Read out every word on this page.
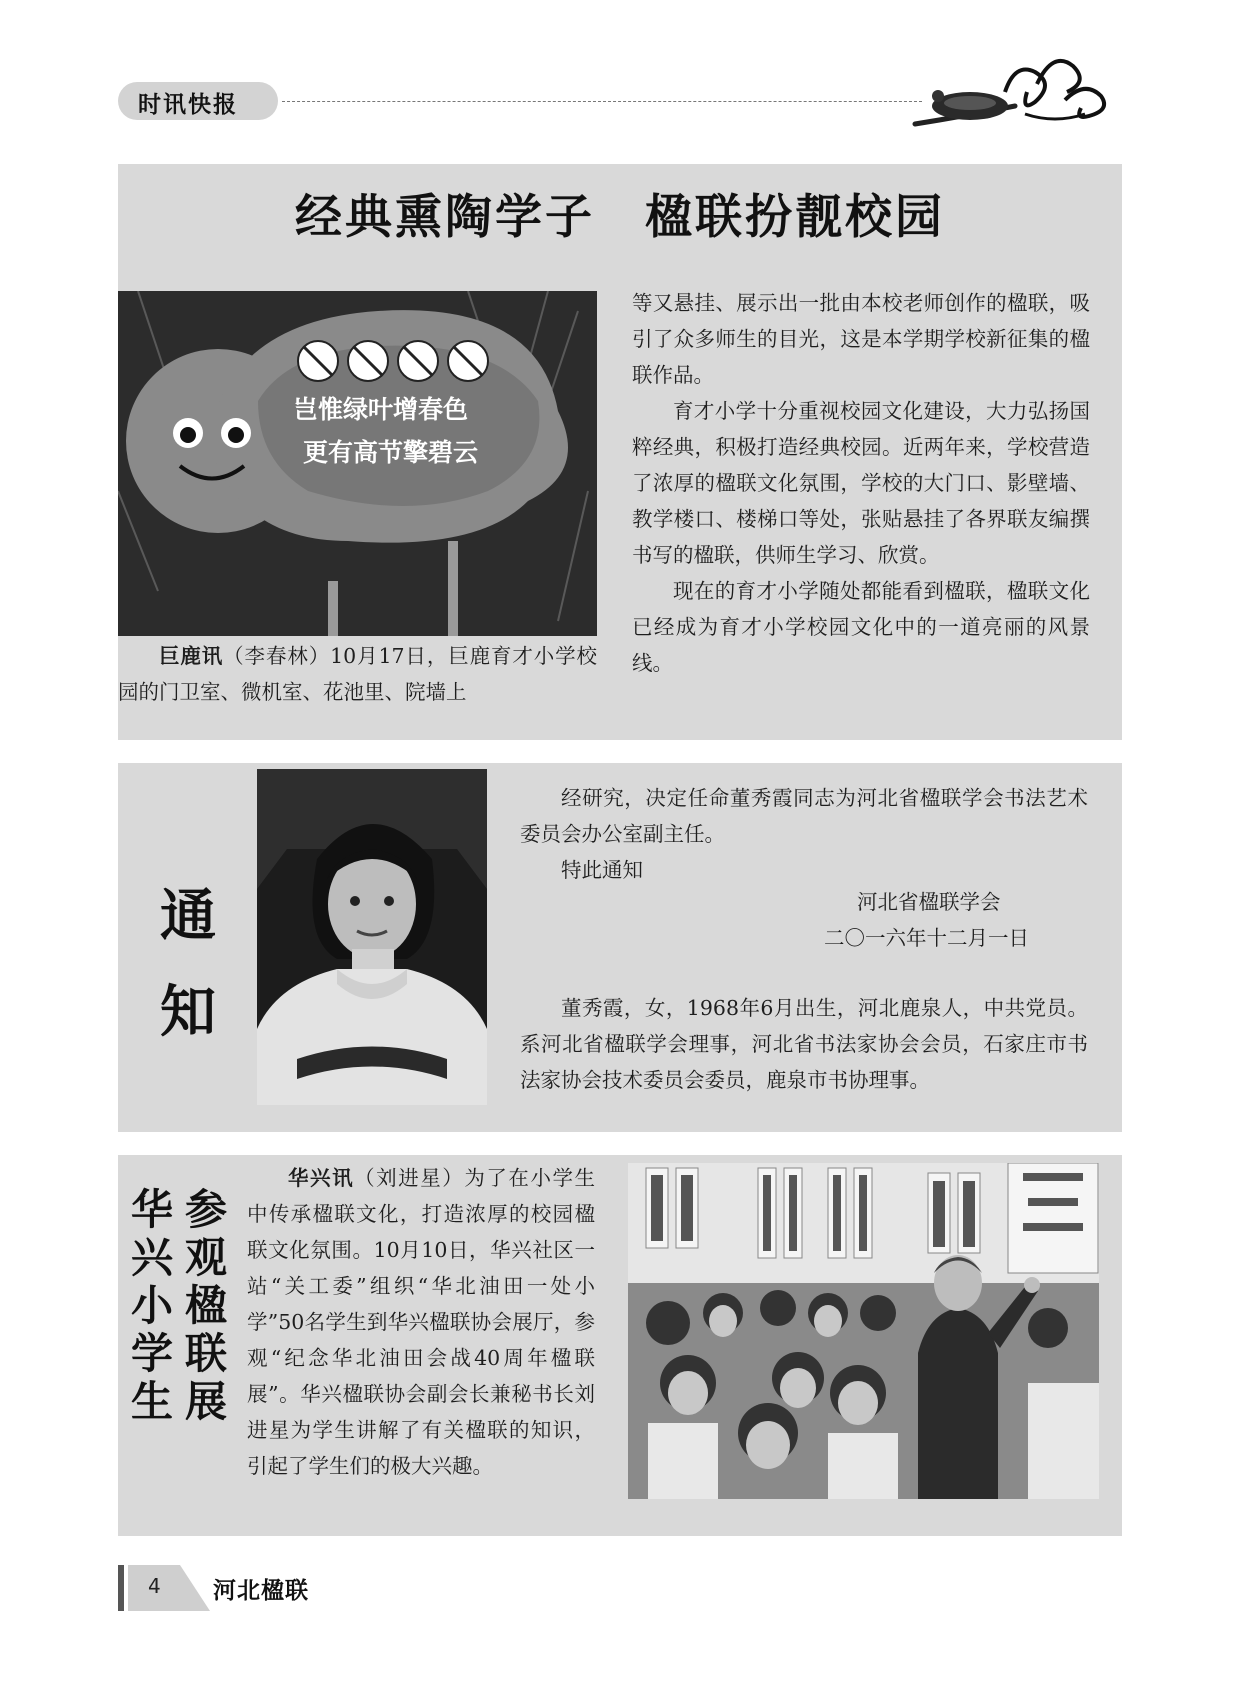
时讯快报
经典熏陶学子　楹联扮靓校园
岂惟绿叶增春色
更有高节擎碧云

巨鹿讯（李春林）10月17日，巨鹿育才小学校园的门卫室、微机室、花池里、院墙上

等又悬挂、展示出一批由本校老师创作的楹联，吸引了众多师生的目光，这是本学期学校新征集的楹联作品。

育才小学十分重视校园文化建设，大力弘扬国粹经典，积极打造经典校园。近两年来，学校营造了浓厚的楹联文化氛围，学校的大门口、影壁墙、教学楼口、楼梯口等处，张贴悬挂了各界联友编撰书写的楹联，供师生学习、欣赏。

现在的育才小学随处都能看到楹联，楹联文化已经成为育才小学校园文化中的一道亮丽的风景线。

通
知

经研究，决定任命董秀霞同志为河北省楹联学会书法艺术委员会办公室副主任。

特此通知

河北省楹联学会
二〇一六年十二月一日

董秀霞，女，1968年6月出生，河北鹿泉人，中共党员。系河北省楹联学会理事，河北省书法家协会会员，石家庄市书法家协会技术委员会委员，鹿泉市书协理事。

参观楹联展
华兴小学生

华兴讯（刘进星）为了在小学生中传承楹联文化，打造浓厚的校园楹联文化氛围。10月10日，华兴社区一站“关工委”组织“华北油田一处小学”50名学生到华兴楹联协会展厅，参观“纪念华北油田会战40周年楹联展”。华兴楹联协会副会长兼秘书长刘进星为学生讲解了有关楹联的知识，引起了学生们的极大兴趣。

4 河北楹联
